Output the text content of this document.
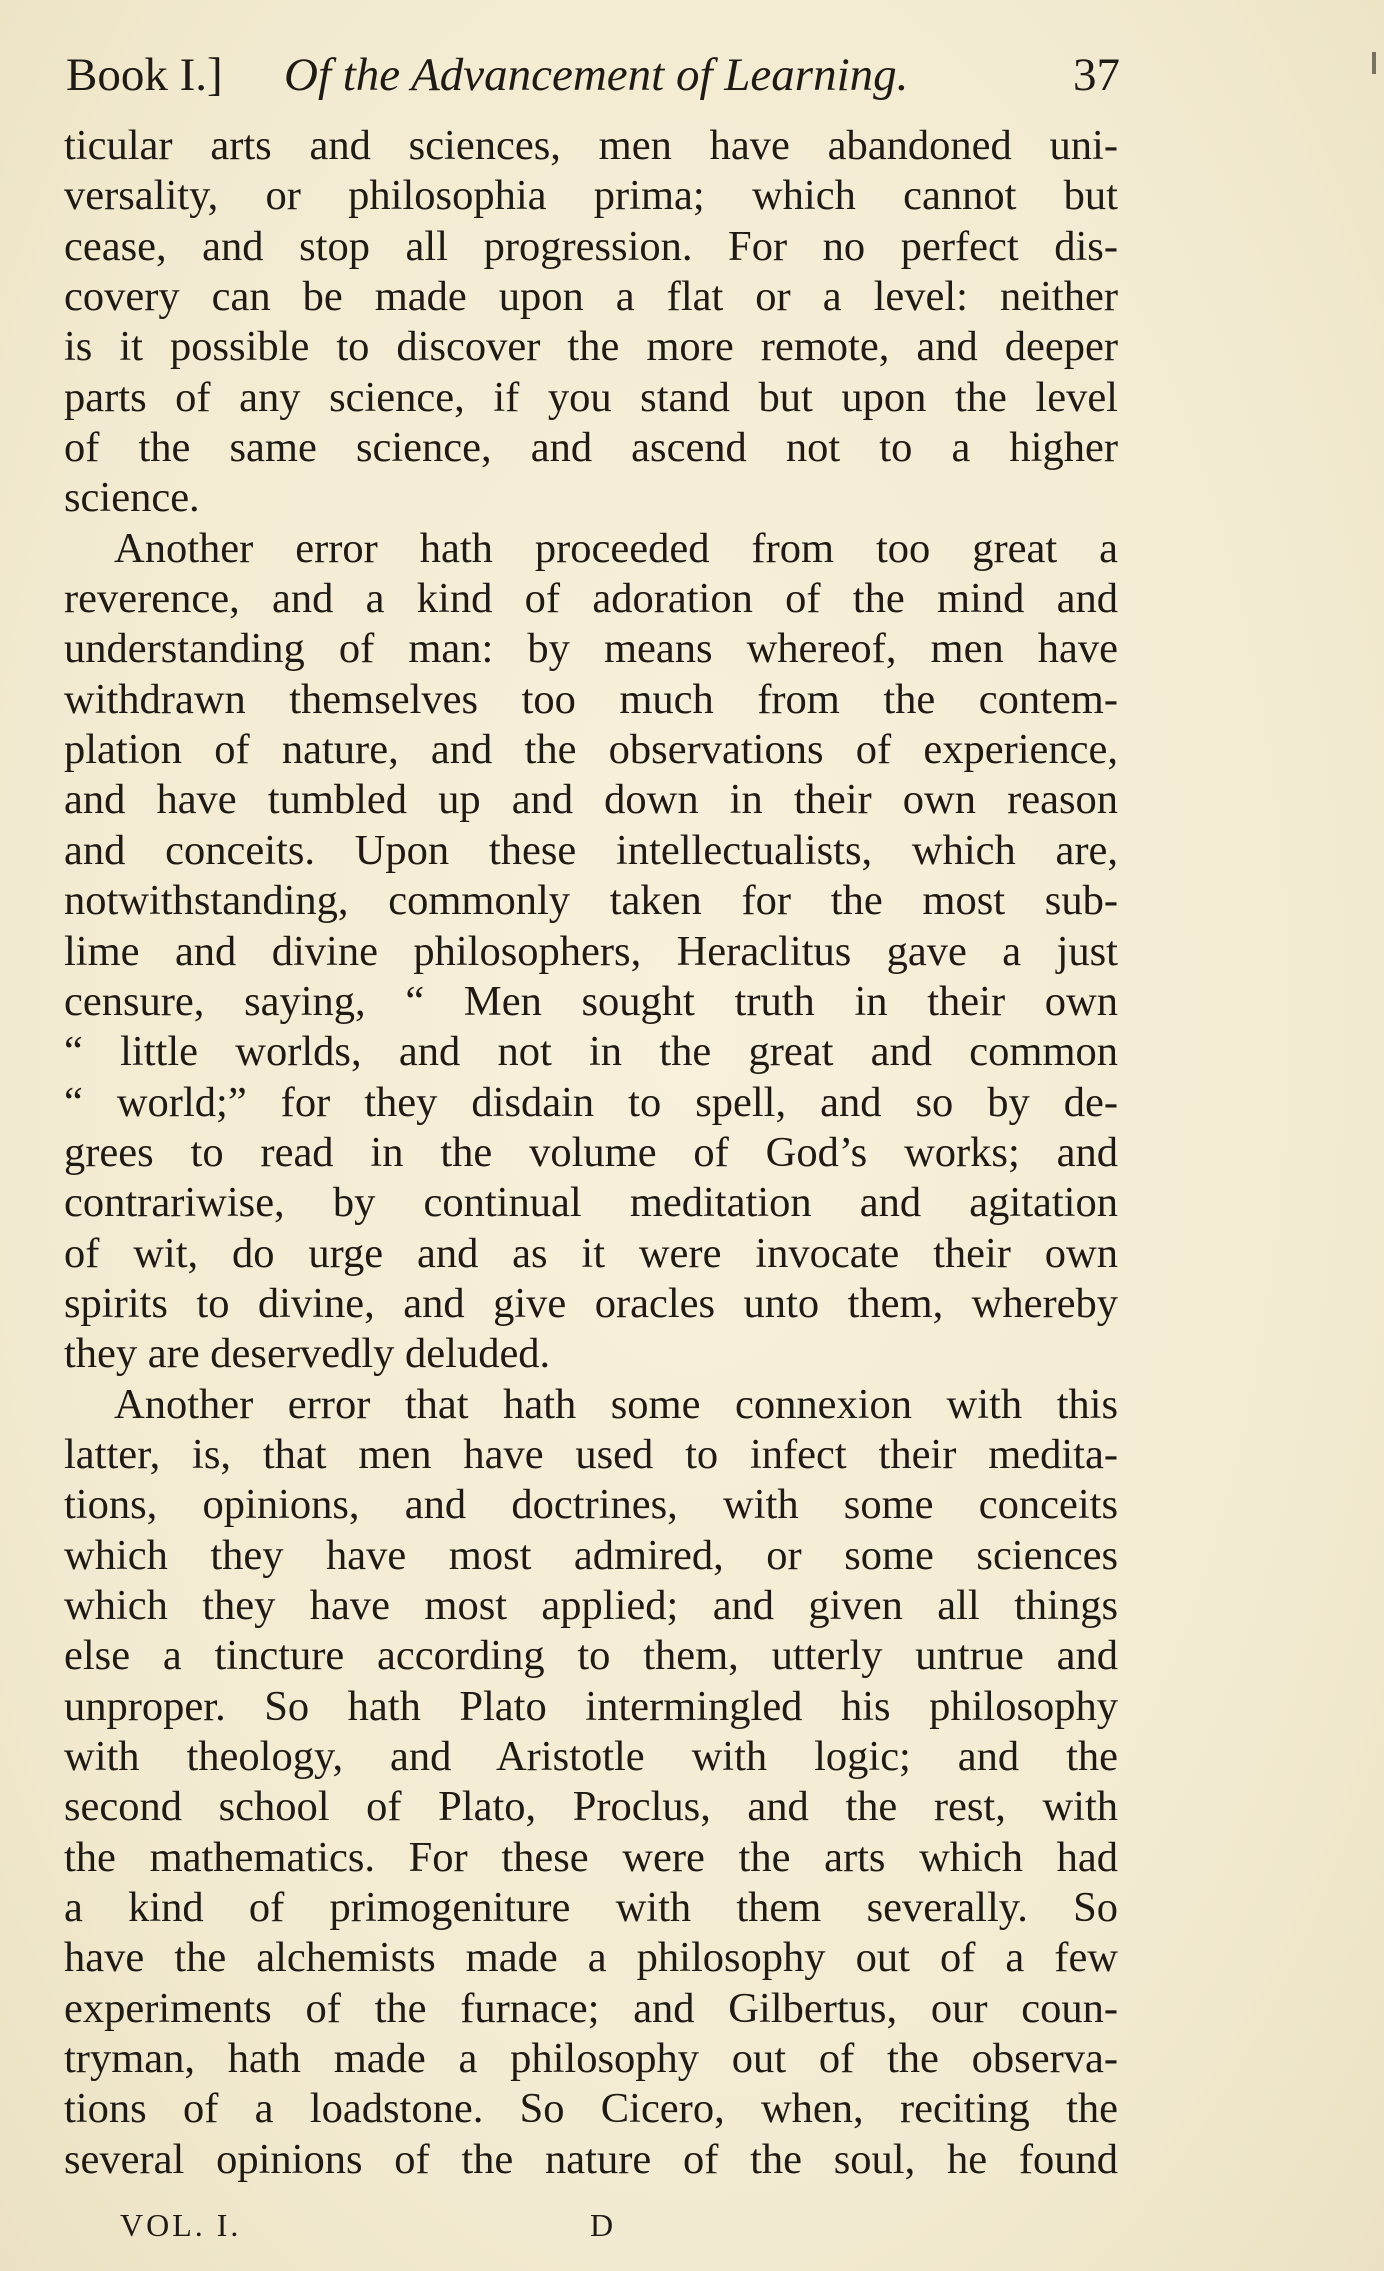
Book I.] Of the Advancement of Learning.	37
ticular arts and sciences, men have abandoned uni-
versality, or philosophia prima; which cannot but
cease, and stop all progression. For no perfect dis-
covery can be made upon a flat or a level: neither
is it possible to discover the more remote, and deeper
parts of any science, if you stand but upon the level
of the same science, and ascend not to a higher
science.
Another error hath proceeded from too great a
reverence, and a kind of adoration of the mind and
understanding of man: by means whereof, men have
withdrawn themselves too much from the contem-
plation of nature, and the observations of experience,
and have tumbled up and down in their own reason
and conceits. Upon these intellectualists, which are,
notwithstanding, commonly taken for the most sub-
lime and divine philosophers, Heraclitus gave a just
censure, saying, “ Men sought truth in their own
“ little worlds, and not in the great and common
“ world;” for they disdain to spell, and so by de-
grees to read in the volume of God’s works; and
contrariwise, by continual meditation and agitation
of wit, do urge and as it were invocate their own
spirits to divine, and give oracles unto them, whereby
they are deservedly deluded.
Another error that hath some connexion with this
latter, is, that men have used to infect their medita-
tions, opinions, and doctrines, with some conceits
which they have most admired, or some sciences
which they have most applied; and given all things
else a tincture according to them, utterly untrue and
unproper. So hath Plato intermingled his philosophy
with theology, and Aristotle with logic; and the
second school of Plato, Proclus, and the rest, with
the mathematics. For these were the arts which had
a kind of primogeniture with them severally. So
have the alchemists made a philosophy out of a few
experiments of the furnace; and Gilbertus, our coun-
tryman, hath made a philosophy out of the observa-
tions of a loadstone. So Cicero, when, reciting the
several opinions of the nature of the soul, he found
VOL. I.	D
